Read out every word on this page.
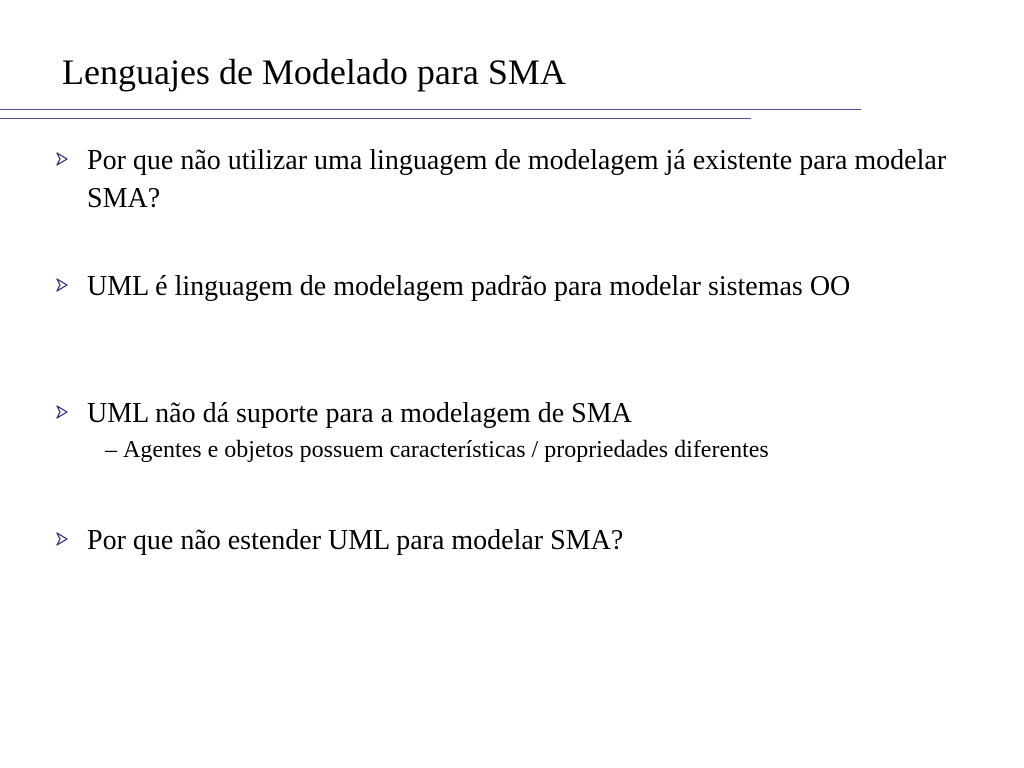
Lenguajes de Modelado para SMA
Por que não utilizar uma linguagem de modelagem já existente para modelar SMA?
UML é linguagem de modelagem padrão para modelar sistemas OO
UML não dá suporte para a modelagem de SMA
– Agentes e objetos possuem características / propriedades diferentes
Por que não estender UML para modelar SMA?
